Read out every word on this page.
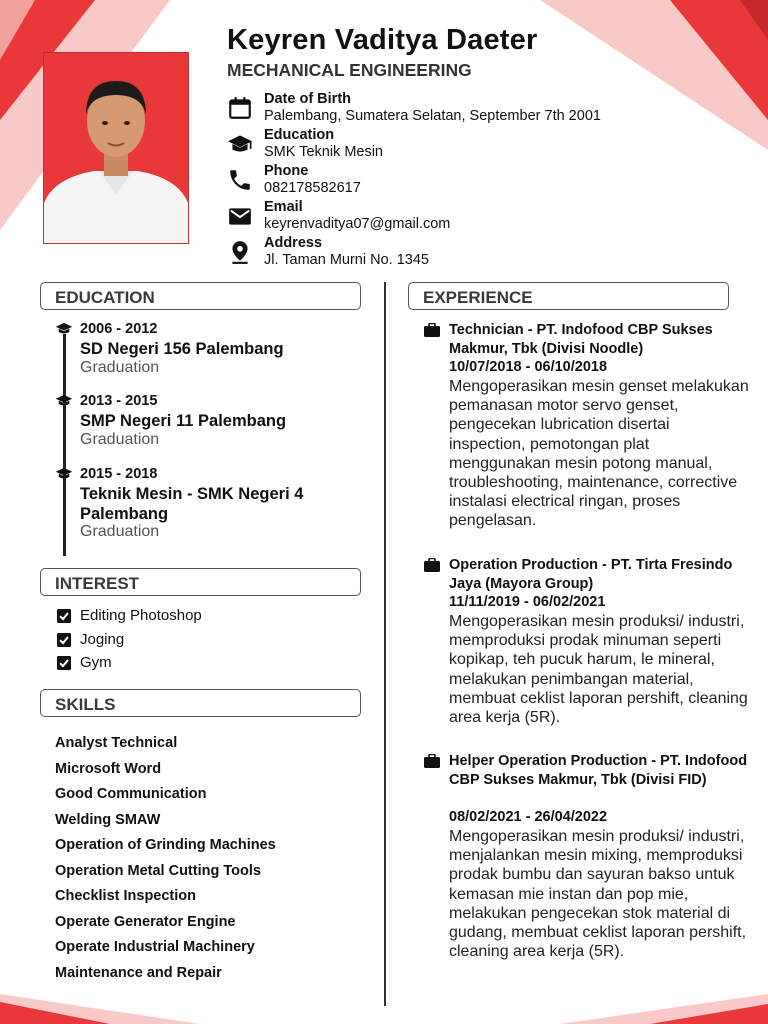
Keyren Vaditya Daeter
MECHANICAL ENGINEERING
Date of Birth
Palembang, Sumatera Selatan, September 7th 2001
Education
SMK Teknik Mesin
Phone
082178582617
Email
keyrenvaditya07@gmail.com
Address
Jl. Taman Murni No. 1345
EDUCATION
2006 - 2012
SD Negeri 156 Palembang
Graduation
2013 - 2015
SMP Negeri 11 Palembang
Graduation
2015 - 2018
Teknik Mesin - SMK Negeri 4 Palembang
Graduation
INTEREST
Editing Photoshop
Joging
Gym
SKILLS
Analyst Technical
Microsoft Word
Good Communication
Welding SMAW
Operation of Grinding Machines
Operation Metal Cutting Tools
Checklist Inspection
Operate Generator Engine
Operate Industrial Machinery
Maintenance and Repair
EXPERIENCE
Technician - PT. Indofood CBP Sukses Makmur, Tbk (Divisi Noodle)
10/07/2018 - 06/10/2018
Mengoperasikan mesin genset melakukan pemanasan motor servo genset, pengecekan lubrication disertai inspection, pemotongan plat menggunakan mesin potong manual, troubleshooting, maintenance, corrective instalasi electrical ringan, proses pengelasan.
Operation Production - PT. Tirta Fresindo Jaya (Mayora Group)
11/11/2019 - 06/02/2021
Mengoperasikan mesin produksi/ industri, memproduksi prodak minuman seperti kopikap, teh pucuk harum, le mineral, melakukan penimbangan material, membuat ceklist laporan pershift, cleaning area kerja (5R).
Helper Operation Production - PT. Indofood CBP Sukses Makmur, Tbk (Divisi FID)
08/02/2021 - 26/04/2022
Mengoperasikan mesin produksi/ industri, menjalankan mesin mixing, memproduksi prodak bumbu dan sayuran bakso untuk kemasan mie instan dan pop mie, melakukan pengecekan stok material di gudang, membuat ceklist laporan pershift, cleaning area kerja (5R).
